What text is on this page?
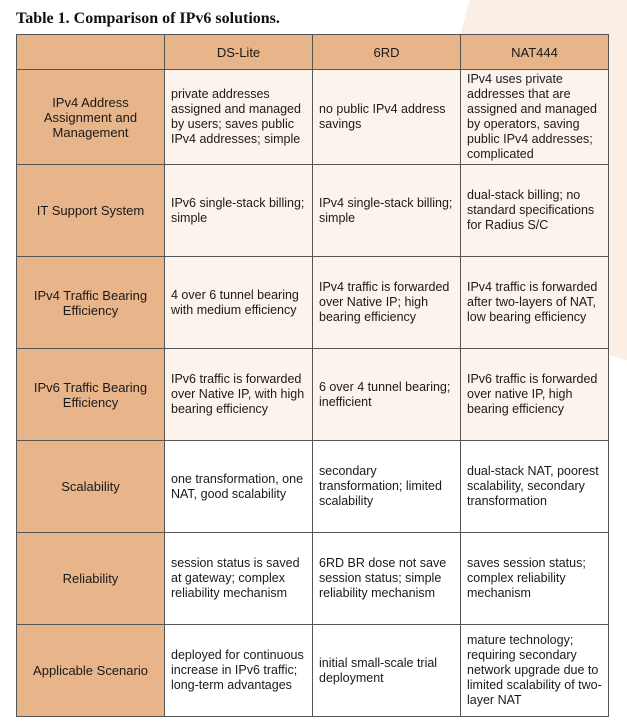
Table 1. Comparison of IPv6 solutions.
	DS-Lite	6RD	NAT444
IPv4 Address Assignment and Management	private addresses assigned and managed by users; saves public IPv4 addresses; simple	no public IPv4 address savings	IPv4 uses private addresses that are assigned and managed by operators, saving public IPv4 addresses; complicated
IT Support System	IPv6 single-stack billing; simple	IPv4 single-stack billing; simple	dual-stack billing; no standard specifications for Radius S/C
IPv4 Traffic Bearing Efficiency	4 over 6 tunnel bearing with medium efficiency	IPv4 traffic is forwarded over Native IP; high bearing efficiency	IPv4 traffic is forwarded after two-layers of NAT, low bearing efficiency
IPv6 Traffic Bearing Efficiency	IPv6 traffic is forwarded over Native IP, with high bearing efficiency	6 over 4 tunnel bearing; inefficient	IPv6 traffic is forwarded over native IP, high bearing efficiency
Scalability	one transformation, one NAT, good scalability	secondary transformation; limited scalability	dual-stack NAT, poorest scalability, secondary transformation
Reliability	session status is saved at gateway; complex reliability mechanism	6RD BR dose not save session status; simple reliability mechanism	saves session status; complex reliability mechanism
Applicable Scenario	deployed for continuous increase in IPv6 traffic; long-term advantages	initial small-scale trial deployment	mature technology; requiring secondary network upgrade due to limited scalability of two-layer NAT
